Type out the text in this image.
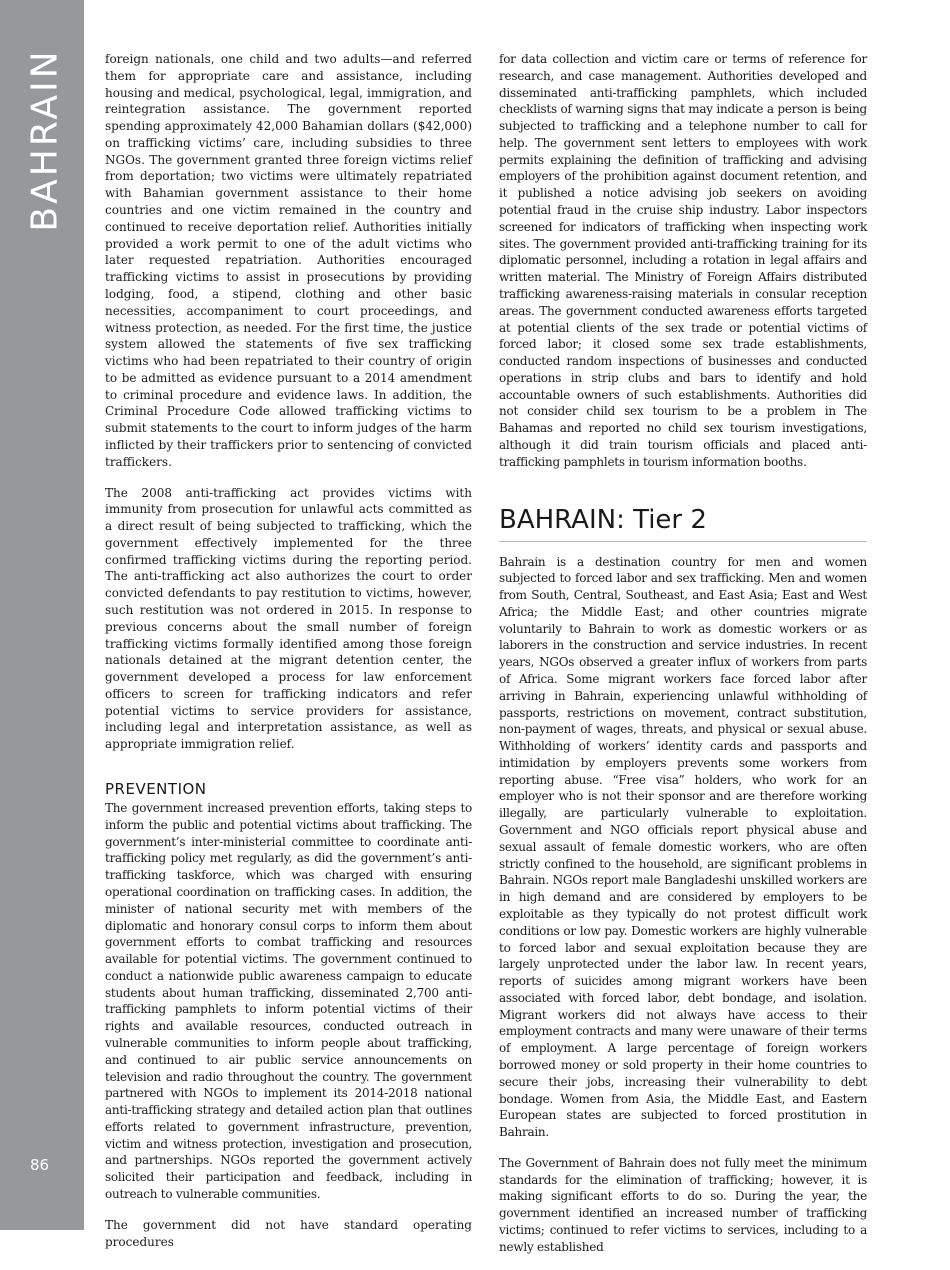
BAHRAIN
86

foreign nationals, one child and two adults—and referred them for appropriate care and assistance, including housing and medical, psychological, legal, immigration, and reintegration assistance. The government reported spending approximately 42,000 Bahamian dollars ($42,000) on trafficking victims’ care, including subsidies to three NGOs. The government granted three foreign victims relief from deportation; two victims were ultimately repatriated with Bahamian government assistance to their home countries and one victim remained in the country and continued to receive deportation relief. Authorities initially provided a work permit to one of the adult victims who later requested repatriation. Authorities encouraged trafficking victims to assist in prosecutions by providing lodging, food, a stipend, clothing and other basic necessities, accompaniment to court proceedings, and witness protection, as needed. For the first time, the justice system allowed the statements of five sex trafficking victims who had been repatriated to their country of origin to be admitted as evidence pursuant to a 2014 amendment to criminal procedure and evidence laws. In addition, the Criminal Procedure Code allowed trafficking victims to submit statements to the court to inform judges of the harm inflicted by their traffickers prior to sentencing of convicted traffickers.

The 2008 anti-trafficking act provides victims with immunity from prosecution for unlawful acts committed as a direct result of being subjected to trafficking, which the government effectively implemented for the three confirmed trafficking victims during the reporting period. The anti-trafficking act also authorizes the court to order convicted defendants to pay restitution to victims, however, such restitution was not ordered in 2015. In response to previous concerns about the small number of foreign trafficking victims formally identified among those foreign nationals detained at the migrant detention center, the government developed a process for law enforcement officers to screen for trafficking indicators and refer potential victims to service providers for assistance, including legal and interpretation assistance, as well as appropriate immigration relief.

PREVENTION

The government increased prevention efforts, taking steps to inform the public and potential victims about trafficking. The government’s inter-ministerial committee to coordinate anti-trafficking policy met regularly, as did the government’s anti-trafficking taskforce, which was charged with ensuring operational coordination on trafficking cases. In addition, the minister of national security met with members of the diplomatic and honorary consul corps to inform them about government efforts to combat trafficking and resources available for potential victims. The government continued to conduct a nationwide public awareness campaign to educate students about human trafficking, disseminated 2,700 anti-trafficking pamphlets to inform potential victims of their rights and available resources, conducted outreach in vulnerable communities to inform people about trafficking, and continued to air public service announcements on television and radio throughout the country. The government partnered with NGOs to implement its 2014-2018 national anti-trafficking strategy and detailed action plan that outlines efforts related to government infrastructure, prevention, victim and witness protection, investigation and prosecution, and partnerships. NGOs reported the government actively solicited their participation and feedback, including in outreach to vulnerable communities.

The government did not have standard operating procedures

for data collection and victim care or terms of reference for research, and case management. Authorities developed and disseminated anti-trafficking pamphlets, which included checklists of warning signs that may indicate a person is being subjected to trafficking and a telephone number to call for help. The government sent letters to employees with work permits explaining the definition of trafficking and advising employers of the prohibition against document retention, and it published a notice advising job seekers on avoiding potential fraud in the cruise ship industry. Labor inspectors screened for indicators of trafficking when inspecting work sites. The government provided anti-trafficking training for its diplomatic personnel, including a rotation in legal affairs and written material. The Ministry of Foreign Affairs distributed trafficking awareness-raising materials in consular reception areas. The government conducted awareness efforts targeted at potential clients of the sex trade or potential victims of forced labor; it closed some sex trade establishments, conducted random inspections of businesses and conducted operations in strip clubs and bars to identify and hold accountable owners of such establishments. Authorities did not consider child sex tourism to be a problem in The Bahamas and reported no child sex tourism investigations, although it did train tourism officials and placed anti-trafficking pamphlets in tourism information booths.

BAHRAIN: Tier 2

Bahrain is a destination country for men and women subjected to forced labor and sex trafficking. Men and women from South, Central, Southeast, and East Asia; East and West Africa; the Middle East; and other countries migrate voluntarily to Bahrain to work as domestic workers or as laborers in the construction and service industries. In recent years, NGOs observed a greater influx of workers from parts of Africa. Some migrant workers face forced labor after arriving in Bahrain, experiencing unlawful withholding of passports, restrictions on movement, contract substitution, non-payment of wages, threats, and physical or sexual abuse. Withholding of workers’ identity cards and passports and intimidation by employers prevents some workers from reporting abuse. “Free visa” holders, who work for an employer who is not their sponsor and are therefore working illegally, are particularly vulnerable to exploitation. Government and NGO officials report physical abuse and sexual assault of female domestic workers, who are often strictly confined to the household, are significant problems in Bahrain. NGOs report male Bangladeshi unskilled workers are in high demand and are considered by employers to be exploitable as they typically do not protest difficult work conditions or low pay. Domestic workers are highly vulnerable to forced labor and sexual exploitation because they are largely unprotected under the labor law. In recent years, reports of suicides among migrant workers have been associated with forced labor, debt bondage, and isolation. Migrant workers did not always have access to their employment contracts and many were unaware of their terms of employment. A large percentage of foreign workers borrowed money or sold property in their home countries to secure their jobs, increasing their vulnerability to debt bondage. Women from Asia, the Middle East, and Eastern European states are subjected to forced prostitution in Bahrain.

The Government of Bahrain does not fully meet the minimum standards for the elimination of trafficking; however, it is making significant efforts to do so. During the year, the government identified an increased number of trafficking victims; continued to refer victims to services, including to a newly established
